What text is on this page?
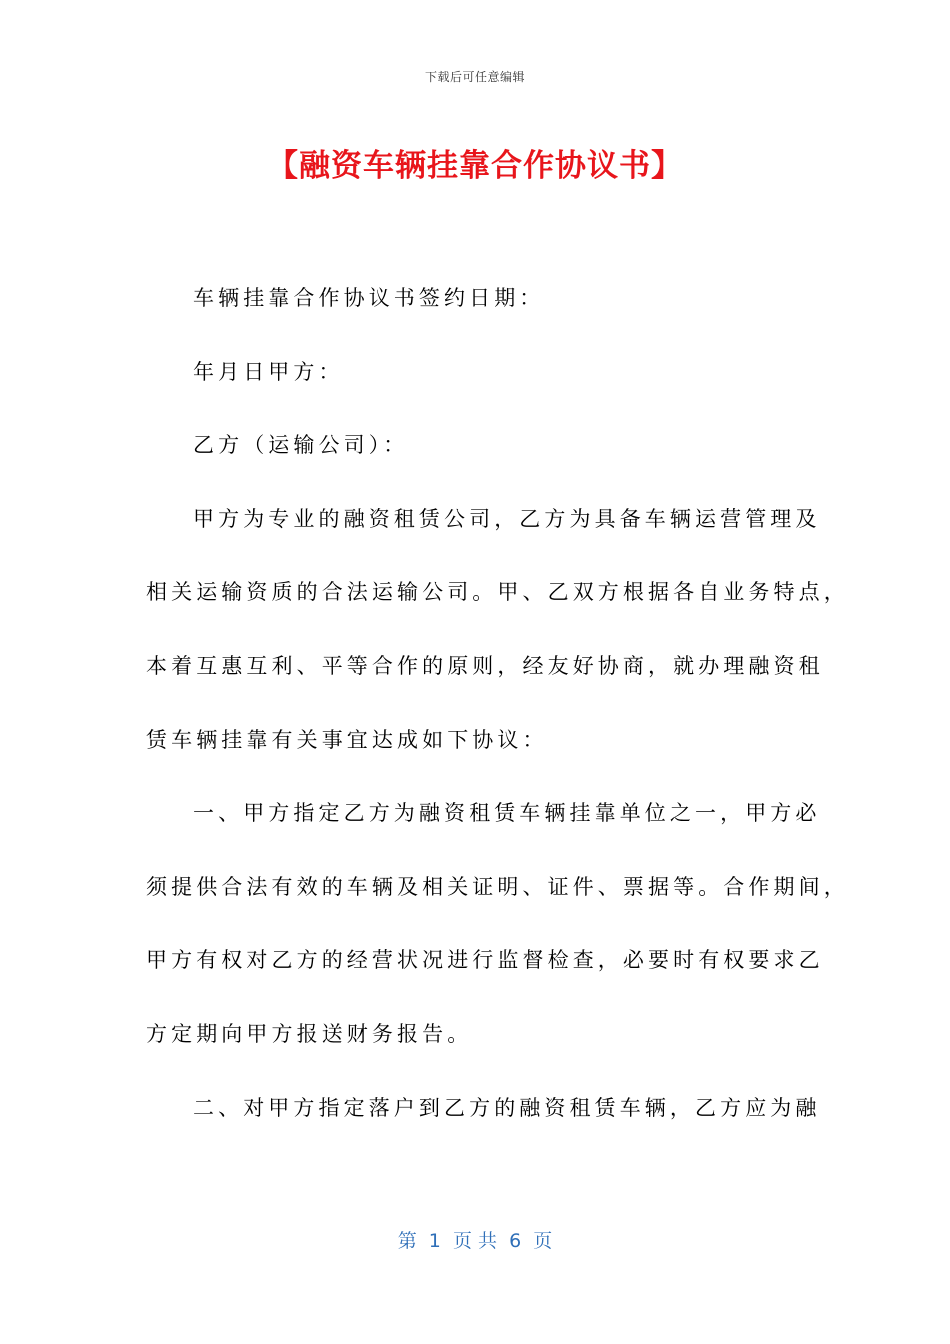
下载后可任意编辑
【融资车辆挂靠合作协议书】
车辆挂靠合作协议书签约日期：
年月日甲方：
乙方（运输公司）：
甲方为专业的融资租赁公司，乙方为具备车辆运营管理及
相关运输资质的合法运输公司。甲、乙双方根据各自业务特点，
本着互惠互利、平等合作的原则，经友好协商，就办理融资租
赁车辆挂靠有关事宜达成如下协议：
一、甲方指定乙方为融资租赁车辆挂靠单位之一，甲方必
须提供合法有效的车辆及相关证明、证件、票据等。合作期间，
甲方有权对乙方的经营状况进行监督检查，必要时有权要求乙
方定期向甲方报送财务报告。
二、对甲方指定落户到乙方的融资租赁车辆，乙方应为融
第  1  页 共  6  页
